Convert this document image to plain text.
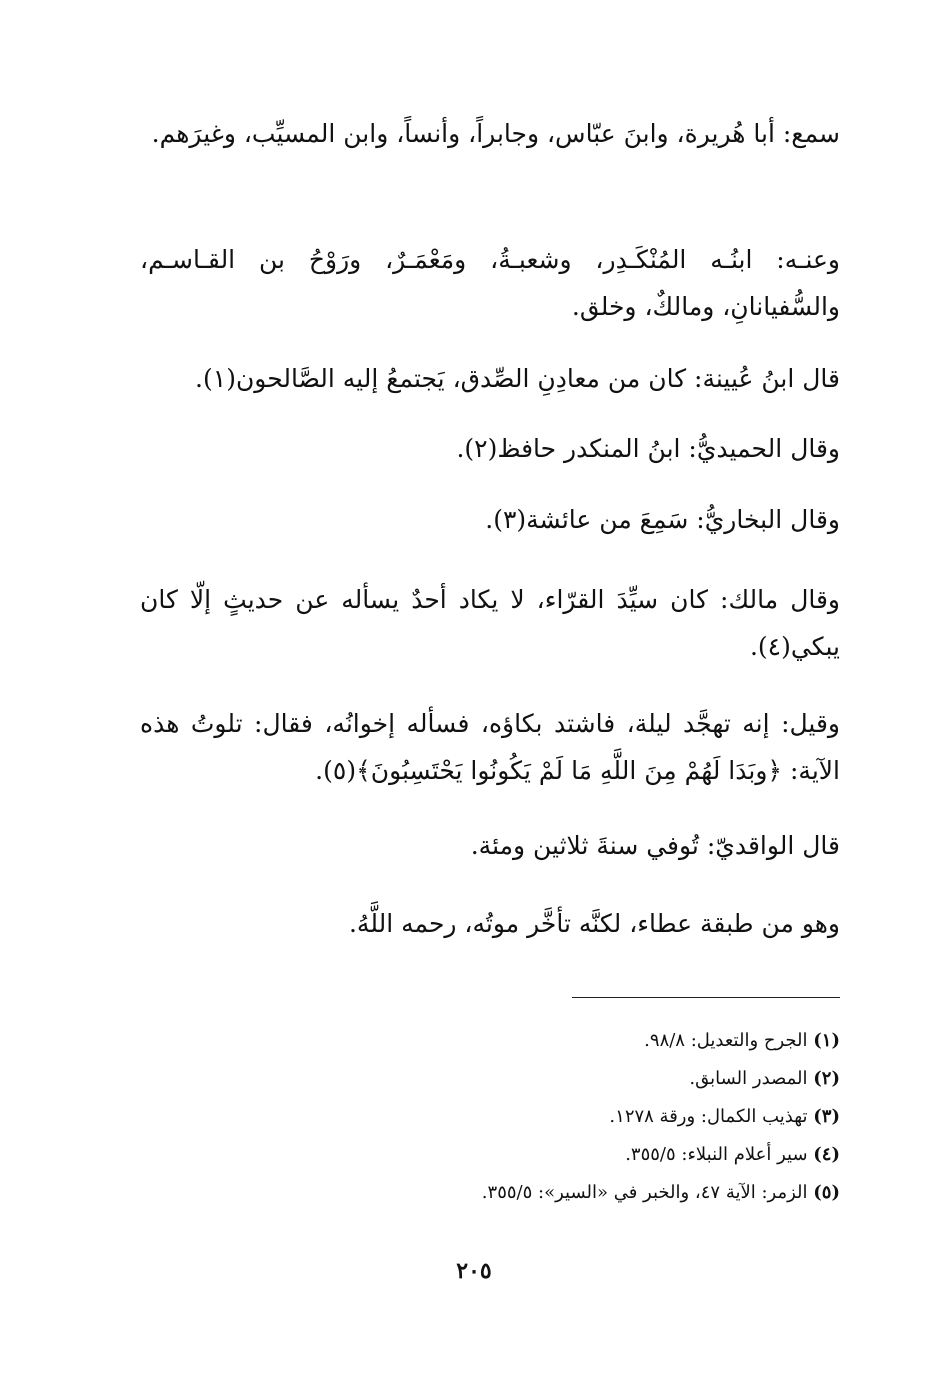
سمع: أبا هُريرة، وابنَ عبّاس، وجابراً، وأنساً، وابن المسيِّب، وغيرَهم.

وعنـه: ابنُـه المُنْكَـدِر، وشعبـةُ، ومَعْمَـرٌ، ورَوْحُ بن القـاسـم، والسُّفيانانِ، ومالكٌ، وخلق.

قال ابنُ عُيينة: كان من معادِنِ الصِّدق، يَجتمعُ إليه الصَّالحون(١).

وقال الحميديُّ: ابنُ المنكدر حافظ(٢).

وقال البخاريُّ: سَمِعَ من عائشة(٣).

وقال مالك: كان سيِّدَ القرّاء، لا يكاد أحدٌ يسأله عن حديثٍ إلّا كان يبكي(٤).

وقيل: إنه تهجَّد ليلة، فاشتد بكاؤه، فسأله إخوانُه، فقال: تلوتُ هذه الآية: ﴿وبَدَا لَهُمْ مِنَ اللَّهِ مَا لَمْ يَكُونُوا يَحْتَسِبُونَ﴾(٥).

قال الواقديّ: تُوفي سنةَ ثلاثين ومئة.

وهو من طبقة عطاء، لكنَّه تأخَّر موتُه، رحمه اللَّهُ.

(١) الجرح والتعديل: ٩٨/٨.
(٢) المصدر السابق.
(٣) تهذيب الكمال: ورقة ١٢٧٨.
(٤) سير أعلام النبلاء: ٣٥٥/٥.
(٥) الزمر: الآية ٤٧، والخبر في «السير»: ٣٥٥/٥.
٢٠٥
